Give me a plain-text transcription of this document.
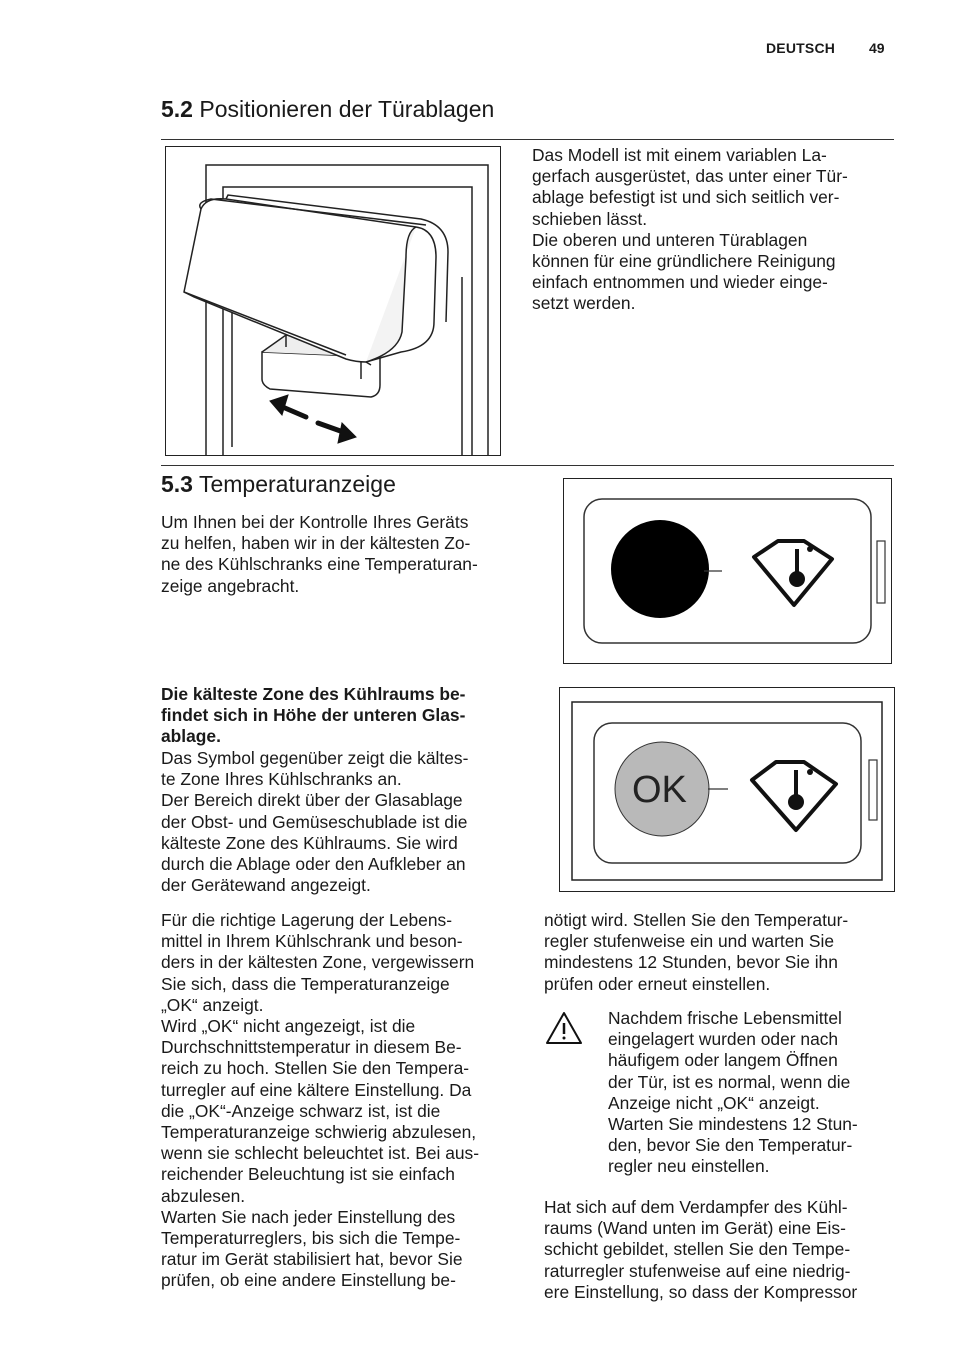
DEUTSCH 49
5.2 Positionieren der Türablagen

Das Modell ist mit einem variablen La-
gerfach ausgerüstet, das unter einer Tür-
ablage befestigt ist und sich seitlich ver-
schieben lässt.
Die oberen und unteren Türablagen
können für eine gründlichere Reinigung
einfach entnommen und wieder einge-
setzt werden.

5.3 Temperaturanzeige

Um Ihnen bei der Kontrolle Ihres Geräts
zu helfen, haben wir in der kältesten Zo-
ne des Kühlschranks eine Temperaturan-
zeige angebracht.

Die kälteste Zone des Kühlraums be-
findet sich in Höhe der unteren Glas-
ablage.

Das Symbol gegenüber zeigt die kältes-
te Zone Ihres Kühlschranks an.
Der Bereich direkt über der Glasablage
der Obst- und Gemüseschublade ist die
kälteste Zone des Kühlraums. Sie wird
durch die Ablage oder den Aufkleber an
der Gerätewand angezeigt.

OK

Für die richtige Lagerung der Lebens-
mittel in Ihrem Kühlschrank und beson-
ders in der kältesten Zone, vergewissern
Sie sich, dass die Temperaturanzeige
„OK“ anzeigt.
Wird „OK“ nicht angezeigt, ist die
Durchschnittstemperatur in diesem Be-
reich zu hoch. Stellen Sie den Tempera-
turregler auf eine kältere Einstellung. Da
die „OK“-Anzeige schwarz ist, ist die
Temperaturanzeige schwierig abzulesen,
wenn sie schlecht beleuchtet ist. Bei aus-
reichender Beleuchtung ist sie einfach
abzulesen.
Warten Sie nach jeder Einstellung des
Temperaturreglers, bis sich die Tempe-
ratur im Gerät stabilisiert hat, bevor Sie
prüfen, ob eine andere Einstellung be-

nötigt wird. Stellen Sie den Temperatur-
regler stufenweise ein und warten Sie
mindestens 12 Stunden, bevor Sie ihn
prüfen oder erneut einstellen.

Nachdem frische Lebensmittel
eingelagert wurden oder nach
häufigem oder langem Öffnen
der Tür, ist es normal, wenn die
Anzeige nicht „OK“ anzeigt.
Warten Sie mindestens 12 Stun-
den, bevor Sie den Temperatur-
regler neu einstellen.

Hat sich auf dem Verdampfer des Kühl-
raums (Wand unten im Gerät) eine Eis-
schicht gebildet, stellen Sie den Tempe-
raturregler stufenweise auf eine niedrig-
ere Einstellung, so dass der Kompressor
